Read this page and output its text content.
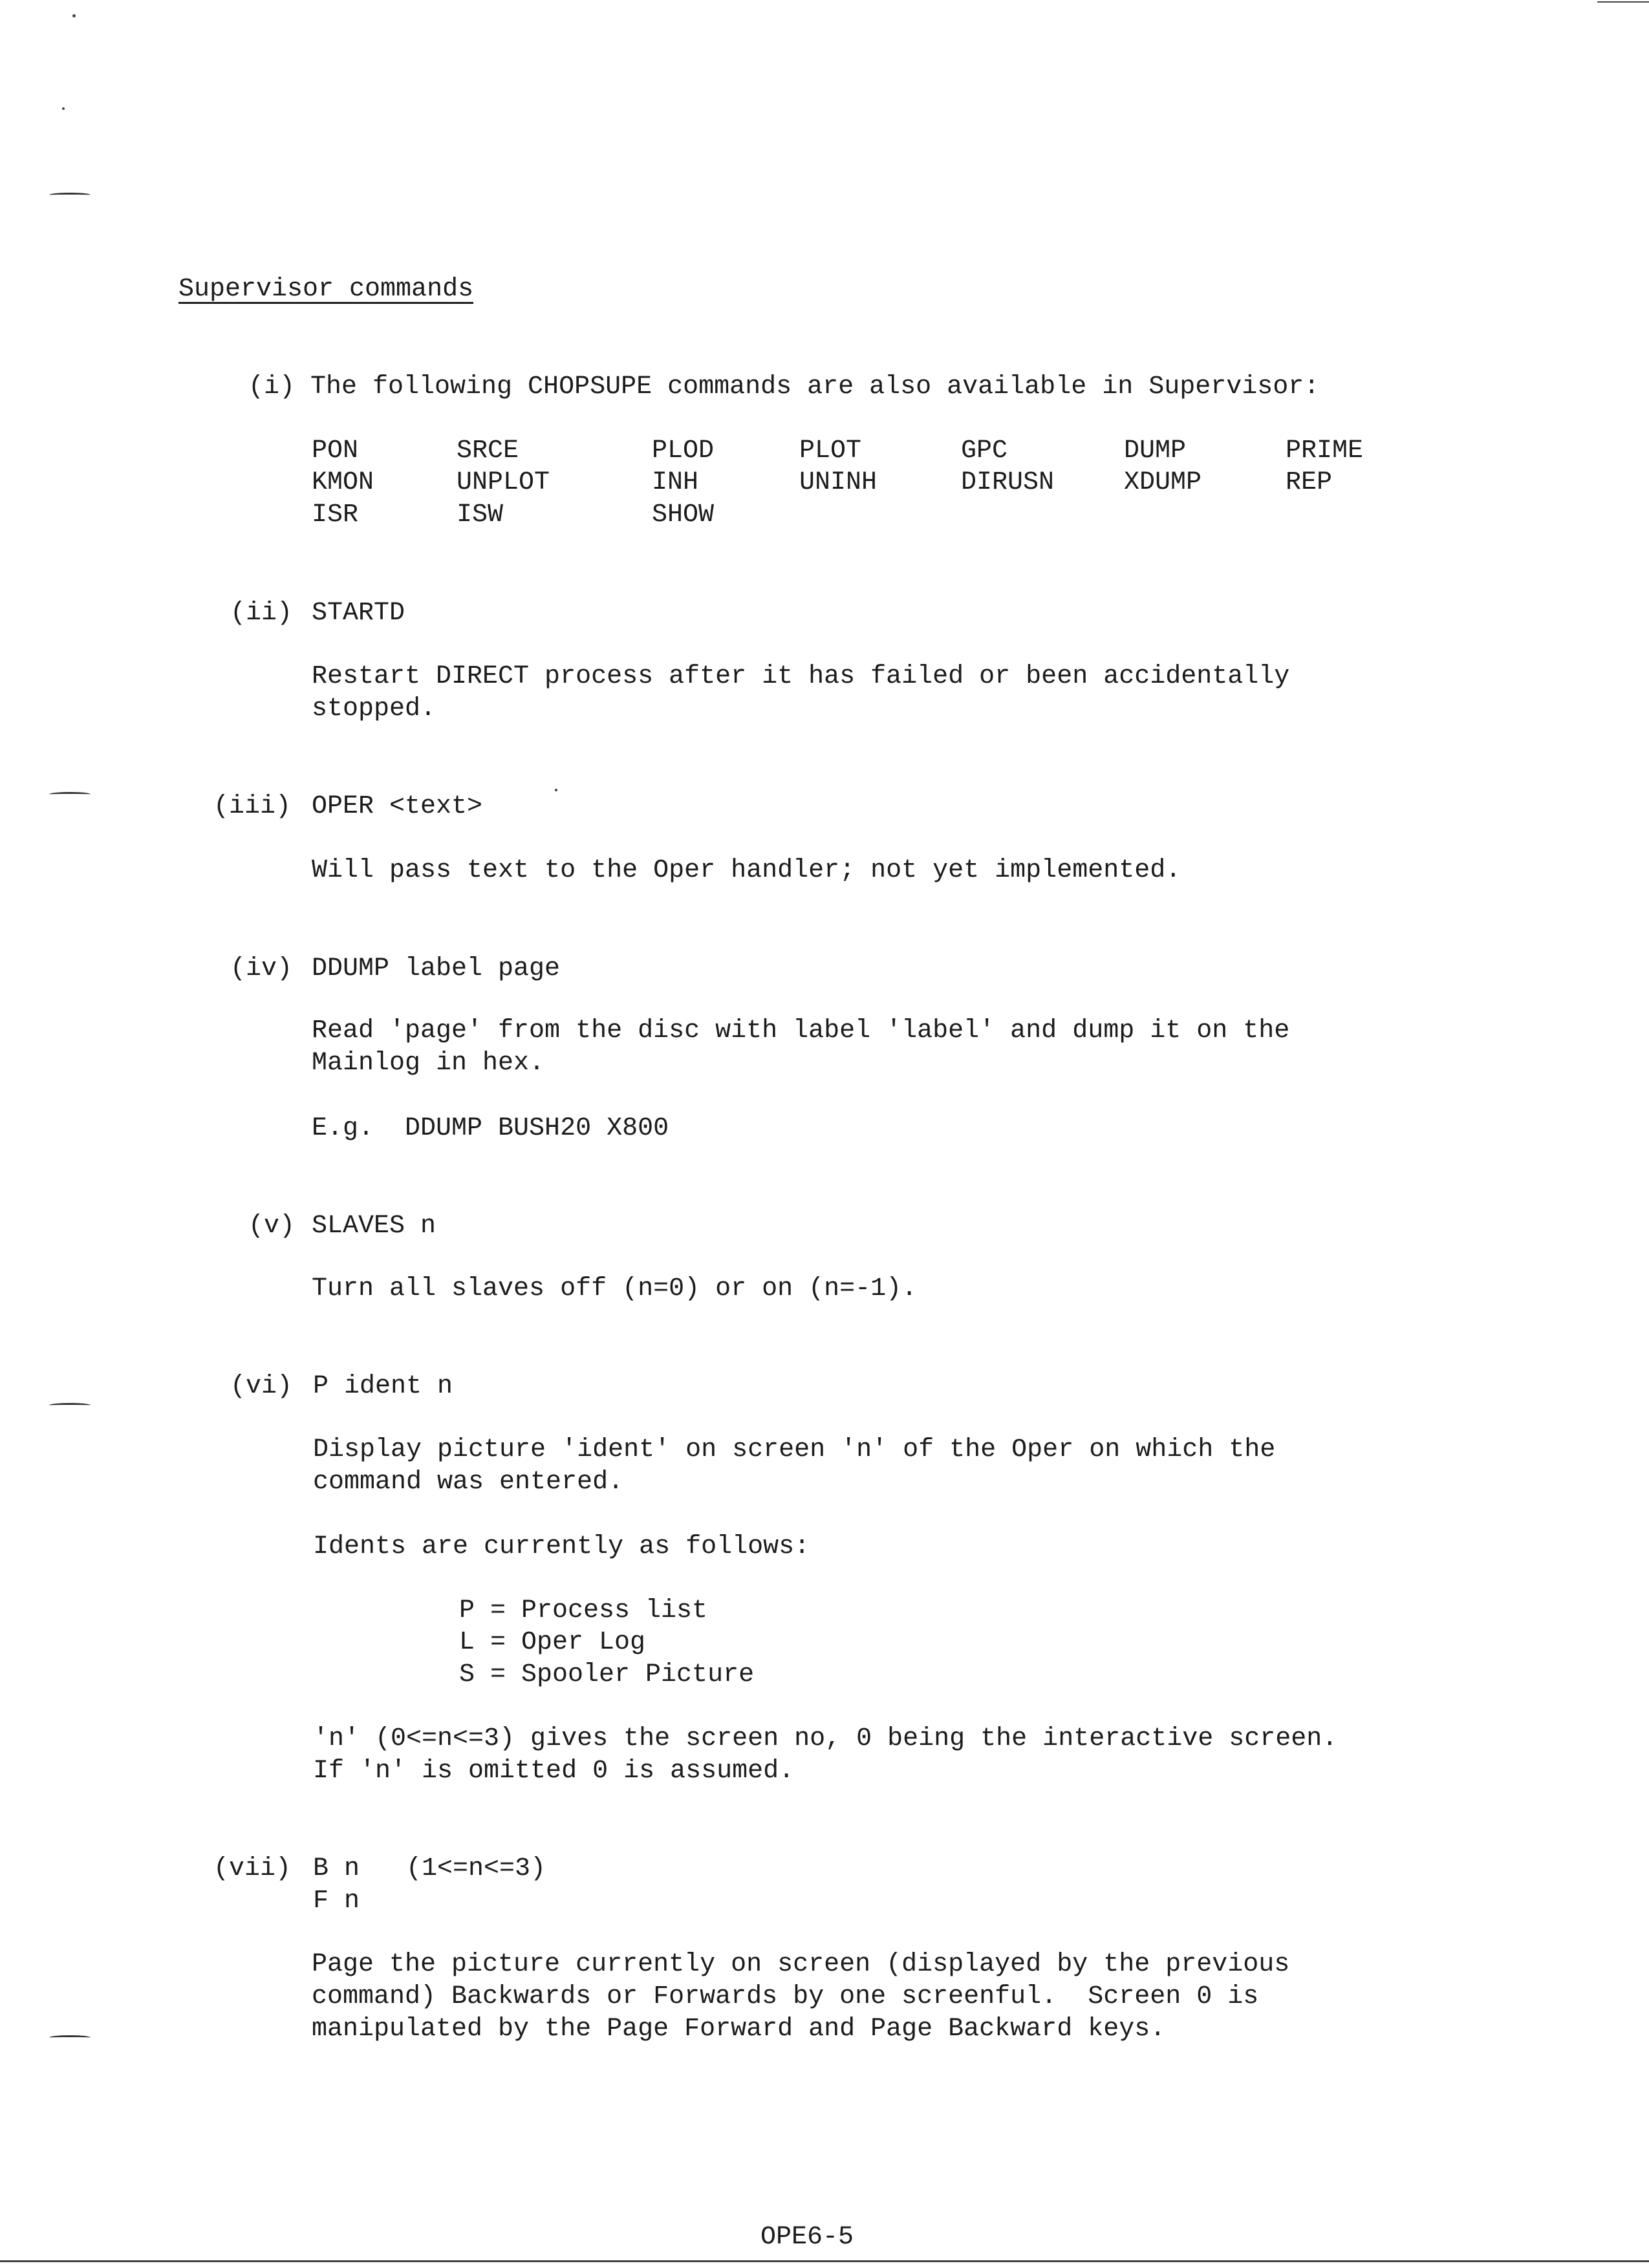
Supervisor commands
(i) The following CHOPSUPE commands are also available in Supervisor:
PON	SRCE	PLOD	PLOT	GPC	DUMP	PRIME
KMON	UNPLOT	INH	UNINH	DIRUSN	XDUMP	REP
ISR	ISW	SHOW
(ii) STARTD
Restart DIRECT process after it has failed or been accidentally
stopped.
(iii) OPER <text>
Will pass text to the Oper handler; not yet implemented.
(iv) DDUMP label page
Read 'page' from the disc with label 'label' and dump it on the
Mainlog in hex.
E.g.  DDUMP BUSH20 X800
(v) SLAVES n
Turn all slaves off (n=0) or on (n=-1).
(vi) P ident n
Display picture 'ident' on screen 'n' of the Oper on which the
command was entered.
Idents are currently as follows:
P = Process list
L = Oper Log
S = Spooler Picture
'n' (0<=n<=3) gives the screen no, 0 being the interactive screen.
If 'n' is omitted 0 is assumed.
(vii) B n   (1<=n<=3)
F n
Page the picture currently on screen (displayed by the previous
command) Backwards or Forwards by one screenful.  Screen 0 is
manipulated by the Page Forward and Page Backward keys.
OPE6-5
